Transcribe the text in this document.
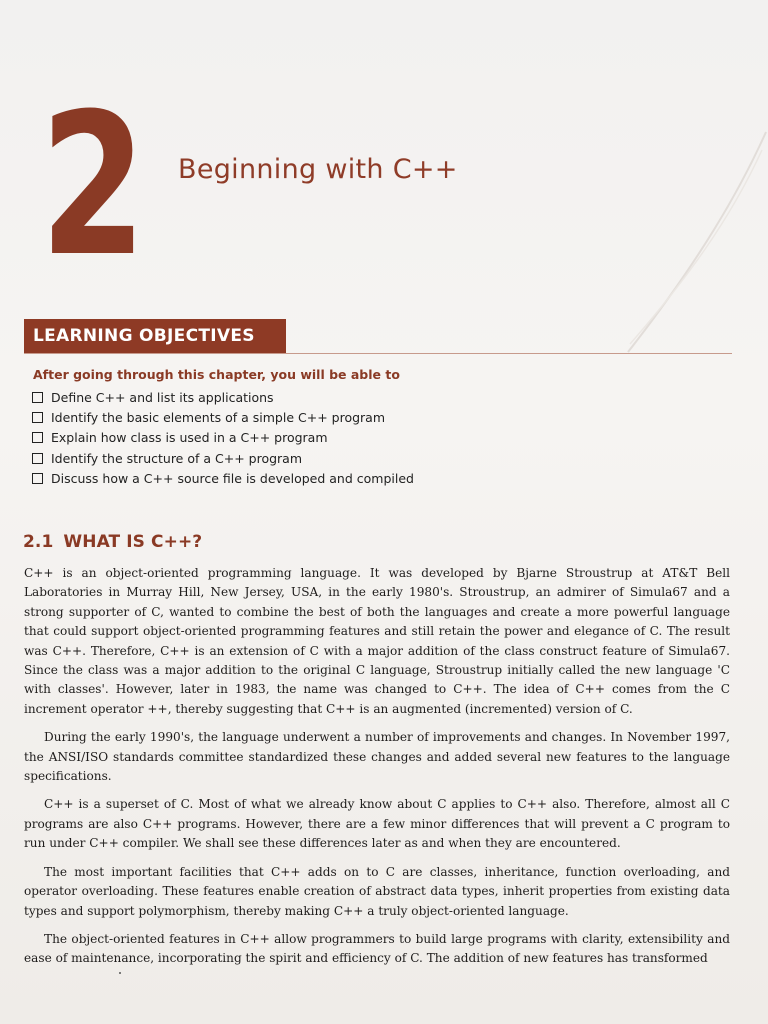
2 Beginning with C++
LEARNING OBJECTIVES
After going through this chapter, you will be able to
Define C++ and list its applications
Identify the basic elements of a simple C++ program
Explain how class is used in a C++ program
Identify the structure of a C++ program
Discuss how a C++ source file is developed and compiled
2.1 WHAT IS C++?

C++ is an object-oriented programming language. It was developed by Bjarne Stroustrup at AT&T Bell Laboratories in Murray Hill, New Jersey, USA, in the early 1980's. Stroustrup, an admirer of Simula67 and a strong supporter of C, wanted to combine the best of both the languages and create a more powerful language that could support object-oriented programming features and still retain the power and elegance of C. The result was C++. Therefore, C++ is an extension of C with a major addition of the class construct feature of Simula67. Since the class was a major addition to the original C language, Stroustrup initially called the new language 'C with classes'. However, later in 1983, the name was changed to C++. The idea of C++ comes from the C increment operator ++, thereby suggesting that C++ is an augmented (incremented) version of C.

During the early 1990's, the language underwent a number of improvements and changes. In November 1997, the ANSI/ISO standards committee standardized these changes and added several new features to the language specifications.

C++ is a superset of C. Most of what we already know about C applies to C++ also. Therefore, almost all C programs are also C++ programs. However, there are a few minor differences that will prevent a C program to run under C++ compiler. We shall see these differences later as and when they are encountered.

The most important facilities that C++ adds on to C are classes, inheritance, function overloading, and operator overloading. These features enable creation of abstract data types, inherit properties from existing data types and support polymorphism, thereby making C++ a truly object-oriented language.

The object-oriented features in C++ allow programmers to build large programs with clarity, extensibility and ease of maintenance, incorporating the spirit and efficiency of C. The addition of new features has transformed
